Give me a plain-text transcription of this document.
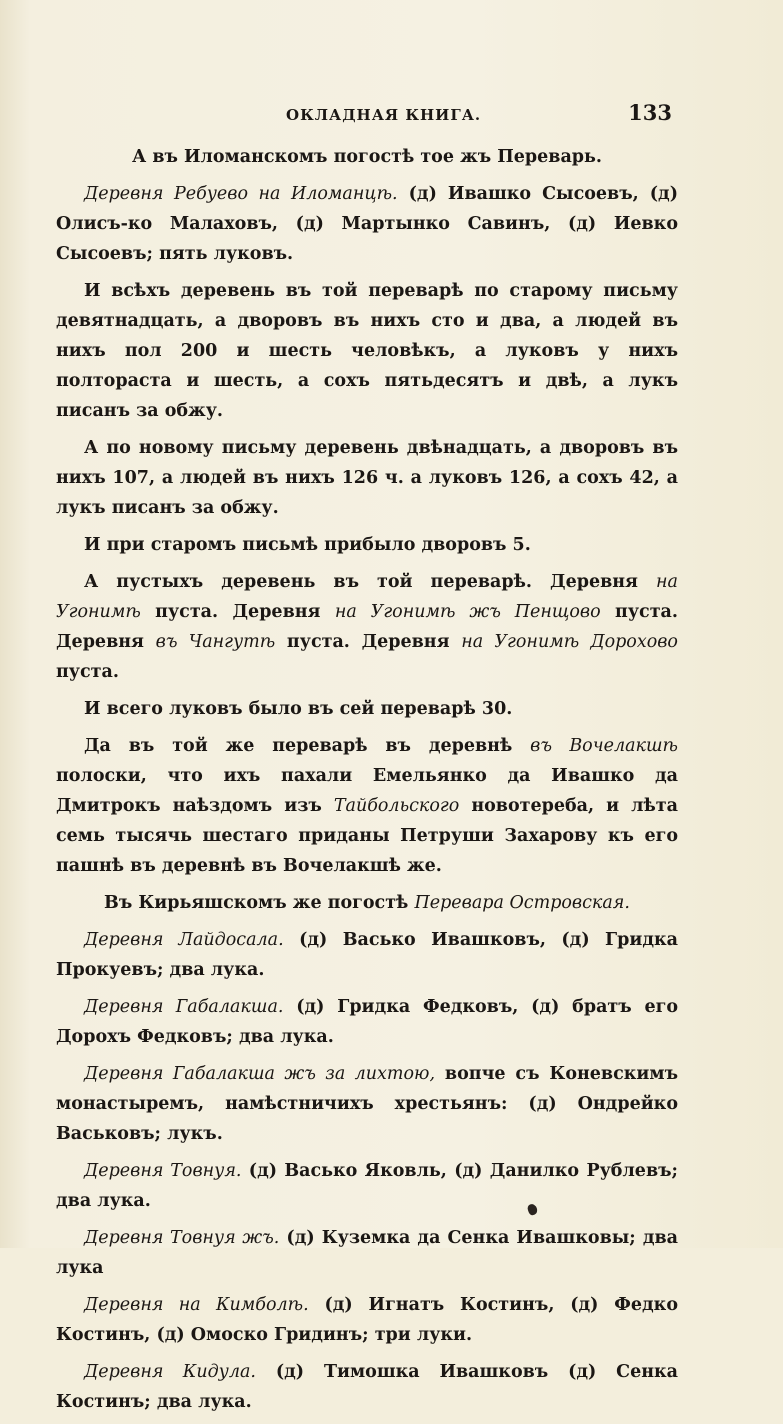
ОКЛАДНАЯ КНИГА.	133

А въ Иломанскомъ погостѣ тое жъ Переварь.

Деревня Ребуево на Иломанцѣ. (д) Ивашко Сысоевъ, (д) Олисъ-ко Малаховъ, (д) Мартынко Савинъ, (д) Иевко Сысоевъ; пять луковъ.

И всѣхъ деревень въ той переварѣ по старому письму девятнадцать, а дворовъ въ нихъ сто и два, а людей въ нихъ пол 200 и шесть человѣкъ, а луковъ у нихъ полтораста и шесть, а сохъ пятьдесятъ и двѣ, а лукъ писанъ за обжу.

А по новому письму деревень двѣнадцать, а дворовъ въ нихъ 107, а людей въ нихъ 126 ч. а луковъ 126, а сохъ 42, а лукъ писанъ за обжу.

И при старомъ письмѣ прибыло дворовъ 5.

А пустыхъ деревень въ той переварѣ. Деревня на Угонимѣ пуста. Деревня на Угонимѣ жъ Пенщово пуста. Деревня въ Чангутѣ пуста. Деревня на Угонимѣ Дорохово пуста.

И всего луковъ было въ сей переварѣ 30.

Да въ той же переварѣ въ деревнѣ въ Вочелакшѣ полоски, что ихъ пахали Емельянко да Ивашко да Дмитрокъ наѣздомъ изъ Тайбольского новотереба, и лѣта семь тысячь шестаго приданы Петруши Захарову къ его пашнѣ въ деревнѣ въ Вочелакшѣ же.

Въ Кирьяшскомъ же погостѣ Перевара Островская.

Деревня Лайдосала. (д) Васько Ивашковъ, (д) Гридка Прокуевъ; два лука.

Деревня Габалакша. (д) Гридка Федковъ, (д) братъ его Дорохъ Федковъ; два лука.

Деревня Габалакша жъ за лихтою, вопче съ Коневскимъ монастыремъ, намѣстничихъ хрестьянъ: (д) Ондрейко Васьковъ; лукъ.

Деревня Товнуя. (д) Васько Яковль, (д) Данилко Рублевъ; два лука.

Деревня Товнуя жъ. (д) Куземка да Сенка Ивашковы; два лука

Деревня на Кимболѣ. (д) Игнатъ Костинъ, (д) Федко Костинъ, (д) Омоско Гридинъ; три луки.

Деревня Кидула. (д) Тимошка Ивашковъ (д) Сенка Костинъ; два лука.
